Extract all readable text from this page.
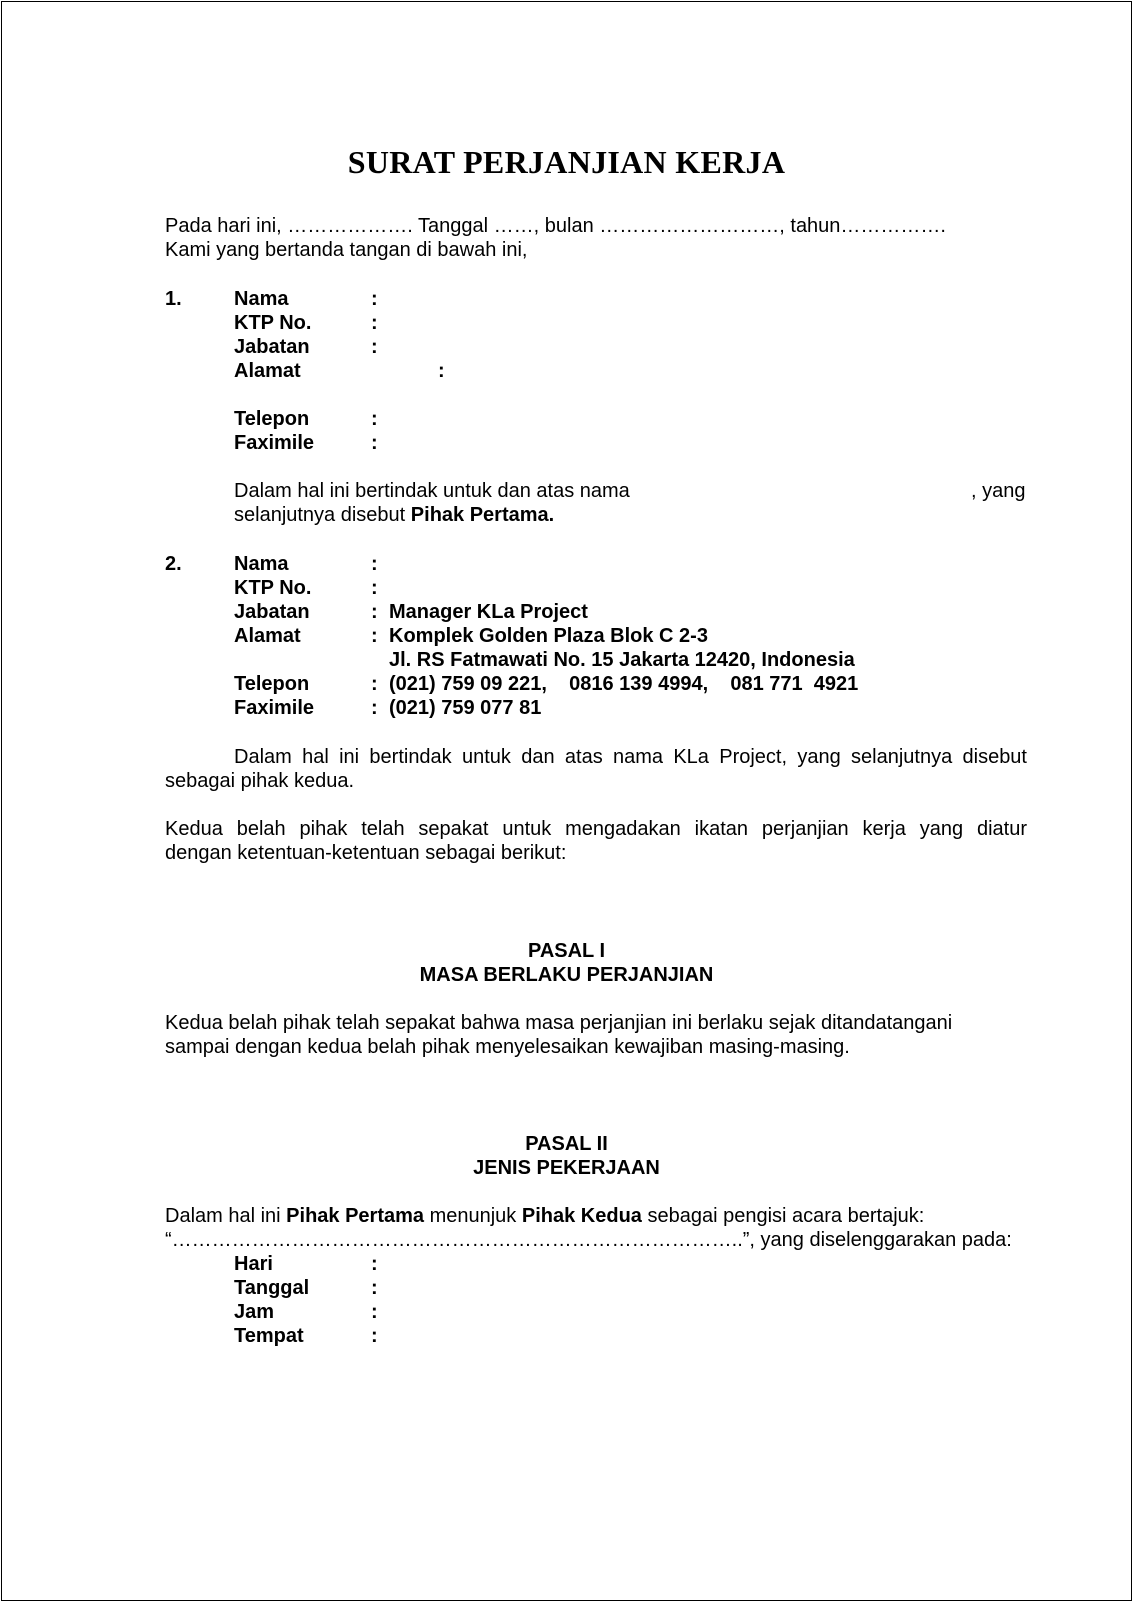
SURAT PERJANJIAN KERJA
Pada hari ini, ………………. Tanggal ……, bulan ………………………, tahun…………….
Kami yang bertanda tangan di bawah ini,
1.	Nama	:
KTP No.	:
Jabatan	:
Alamat	:
Telepon	:
Faximile	:
Dalam hal ini bertindak untuk dan atas nama	, yang
selanjutnya disebut Pihak Pertama.
2.	Nama	:
KTP No.	:
Jabatan	: Manager KLa Project
Alamat	: Komplek Golden Plaza Blok C 2-3
Jl. RS Fatmawati No. 15 Jakarta 12420, Indonesia
Telepon	: (021) 759 09 221,    0816 139 4994,    081 771  4921
Faximile	: (021) 759 077 81
Dalam hal ini bertindak untuk dan atas nama KLa Project, yang selanjutnya disebut
sebagai pihak kedua.
Kedua belah pihak telah sepakat untuk mengadakan ikatan perjanjian kerja yang diatur
dengan ketentuan-ketentuan sebagai berikut:
PASAL I
MASA BERLAKU PERJANJIAN
Kedua belah pihak telah sepakat bahwa masa perjanjian ini berlaku sejak ditandatangani
sampai dengan kedua belah pihak menyelesaikan kewajiban masing-masing.
PASAL II
JENIS PEKERJAAN
Dalam hal ini Pihak Pertama menunjuk Pihak Kedua sebagai pengisi acara bertajuk:
“…………………………………………………………………………..”, yang diselenggarakan pada:
Hari	:
Tanggal	:
Jam	:
Tempat	:
